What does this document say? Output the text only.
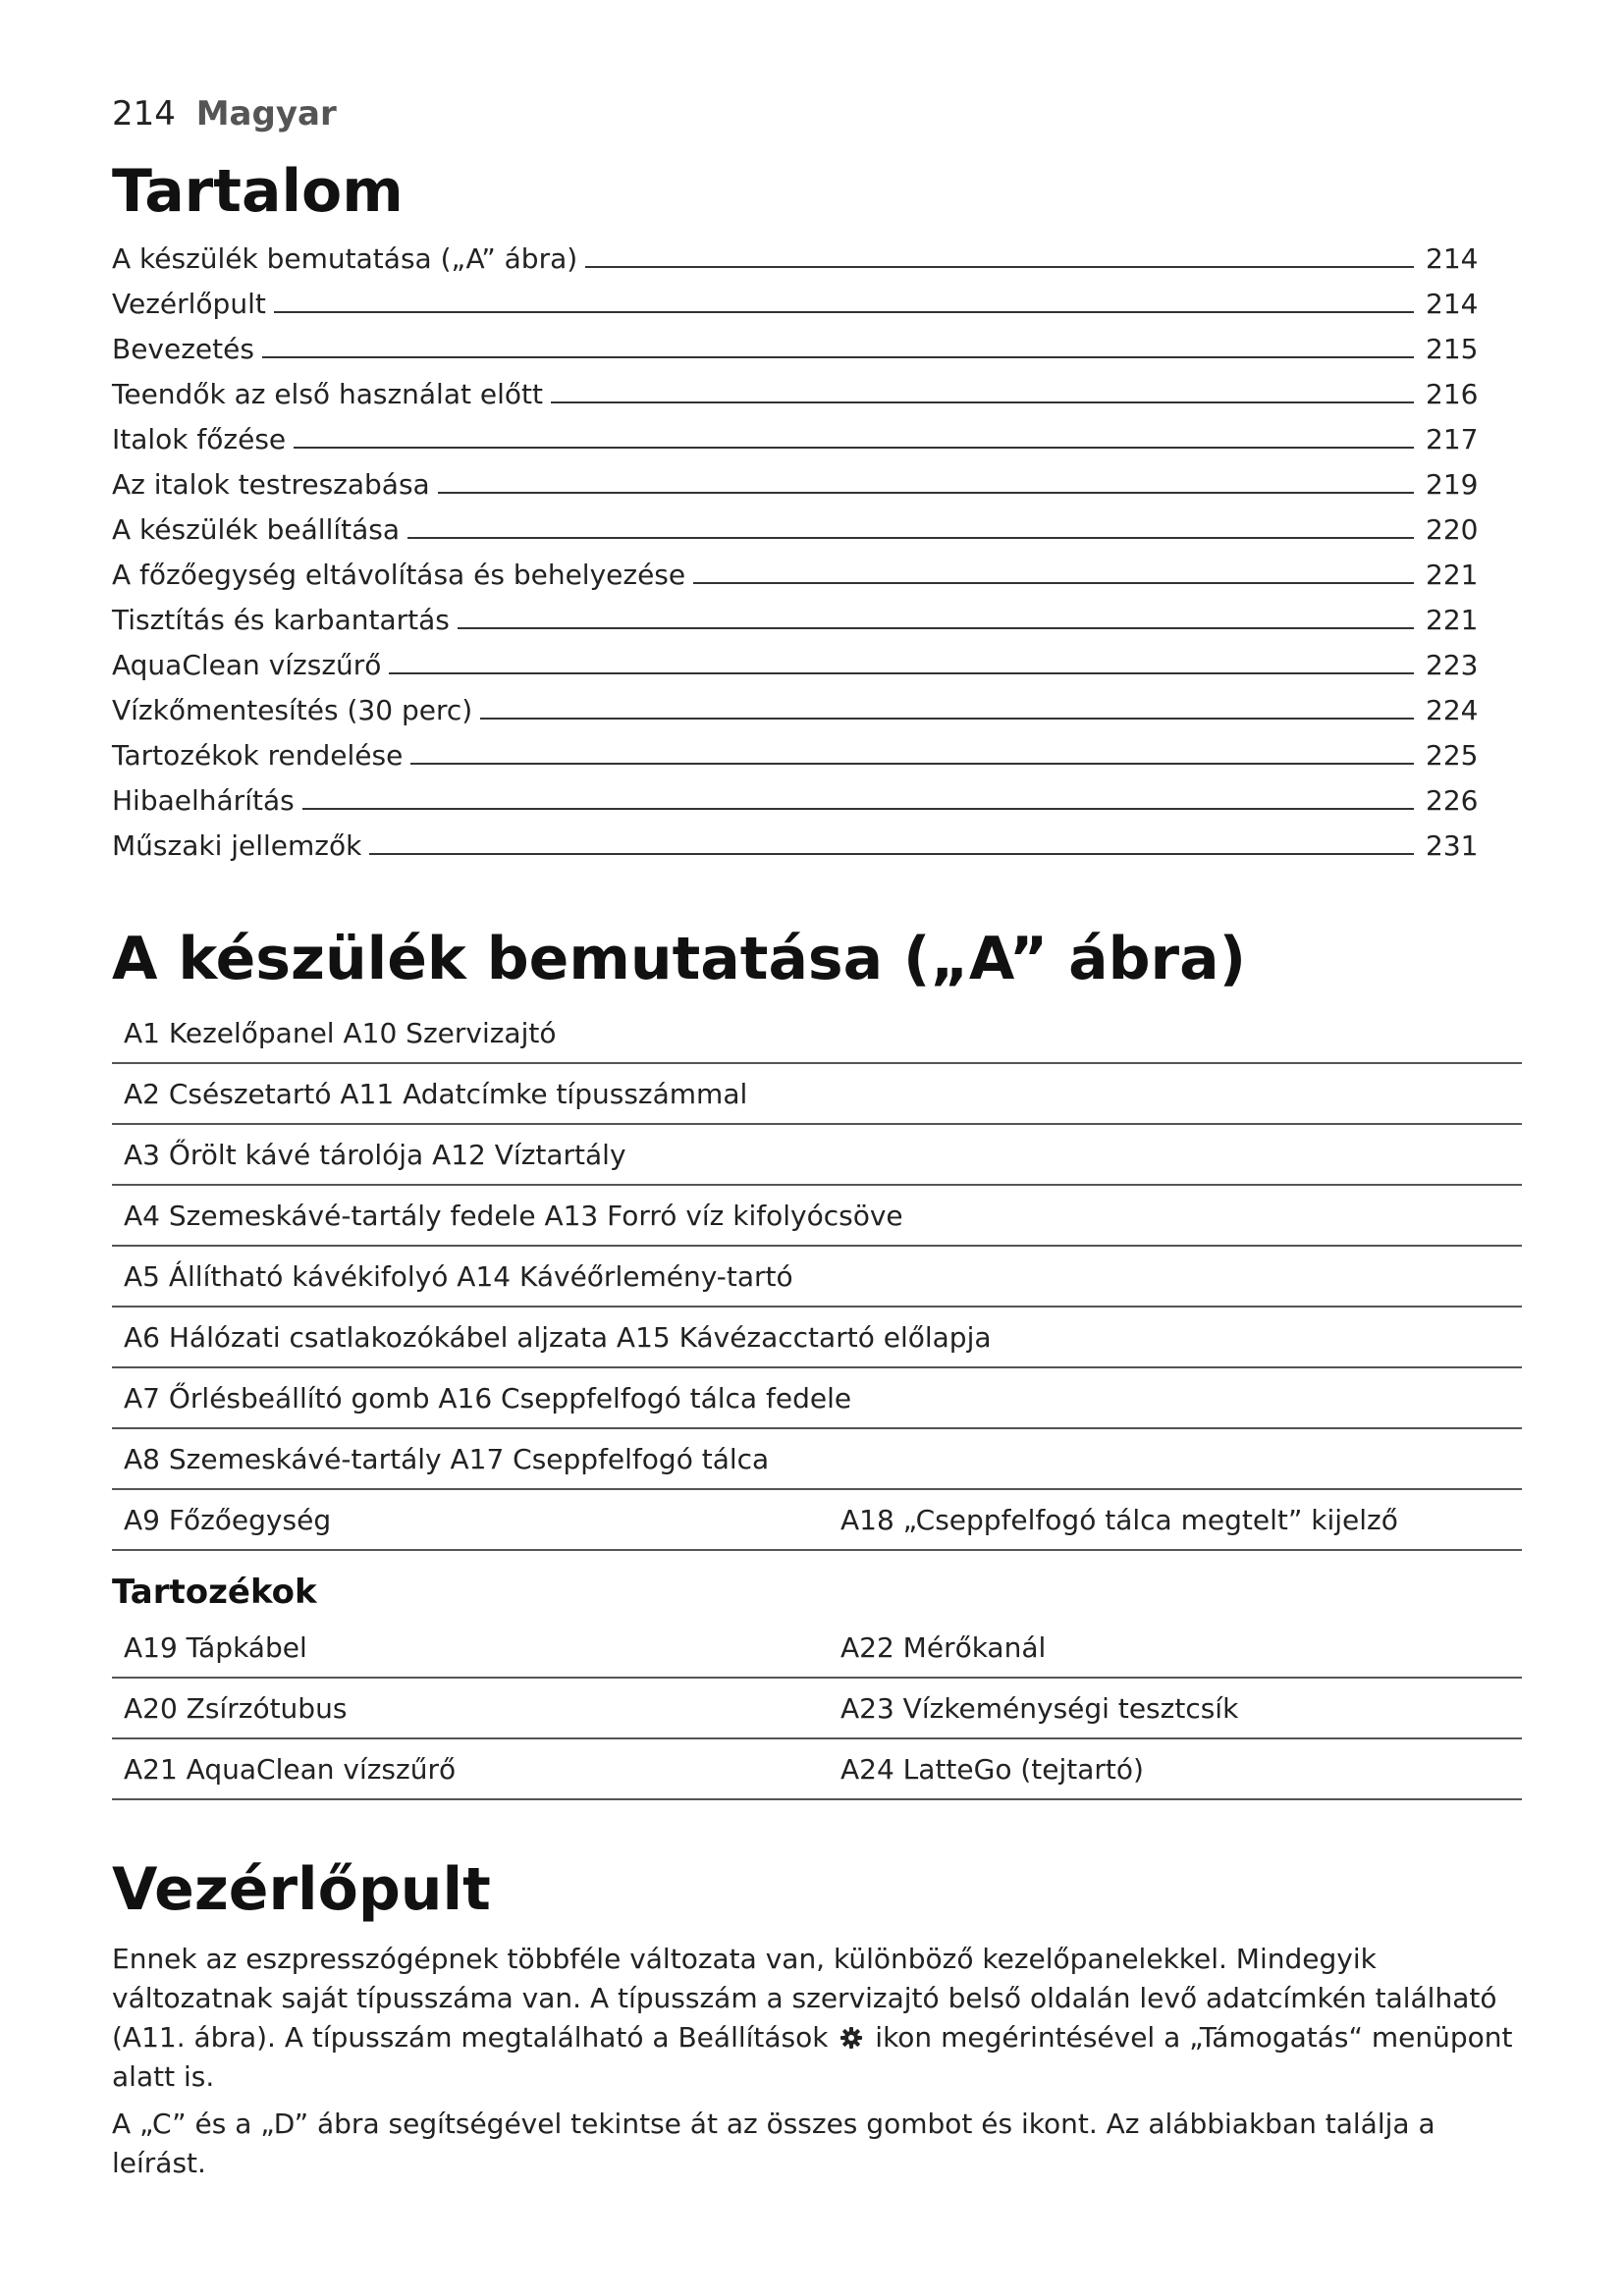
214 Magyar
Tartalom
A készülék bemutatása („A” ábra)	214
Vezérlőpult	214
Bevezetés	215
Teendők az első használat előtt	216
Italok főzése	217
Az italok testreszabása	219
A készülék beállítása	220
A főzőegység eltávolítása és behelyezése	221
Tisztítás és karbantartás	221
AquaClean vízszűrő	223
Vízkőmentesítés (30 perc)	224
Tartozékok rendelése	225
Hibaelhárítás	226
Műszaki jellemzők	231
A készülék bemutatása („A” ábra)
A1 Kezelőpanel A10 Szervizajtó
A2 Csészetartó A11 Adatcímke típusszámmal
A3 Őrölt kávé tárolója A12 Víztartály
A4 Szemeskávé-tartály fedele A13 Forró víz kifolyócsöve
A5 Állítható kávékifolyó A14 Kávéőrlemény-tartó
A6 Hálózati csatlakozókábel aljzata A15 Kávézacctartó előlapja
A7 Őrlésbeállító gomb A16 Cseppfelfogó tálca fedele
A8 Szemeskávé-tartály A17 Cseppfelfogó tálca
A9 Főzőegység	A18 „Cseppfelfogó tálca megtelt” kijelző
Tartozékok
A19 Tápkábel	A22 Mérőkanál
A20 Zsírzótubus	A23 Vízkeménységi tesztcsík
A21 AquaClean vízszűrő	A24 LatteGo (tejtartó)
Vezérlőpult

Ennek az eszpresszógépnek többféle változata van, különböző kezelőpanelekkel. Mindegyik változatnak saját típusszáma van. A típusszám a szervizajtó belső oldalán levő adatcímkén található (A11. ábra). A típusszám megtalálható a Beállítások ikon megérintésével a „Támogatás“ menüpont alatt is.

A „C” és a „D” ábra segítségével tekintse át az összes gombot és ikont. Az alábbiakban találja a leírást.
